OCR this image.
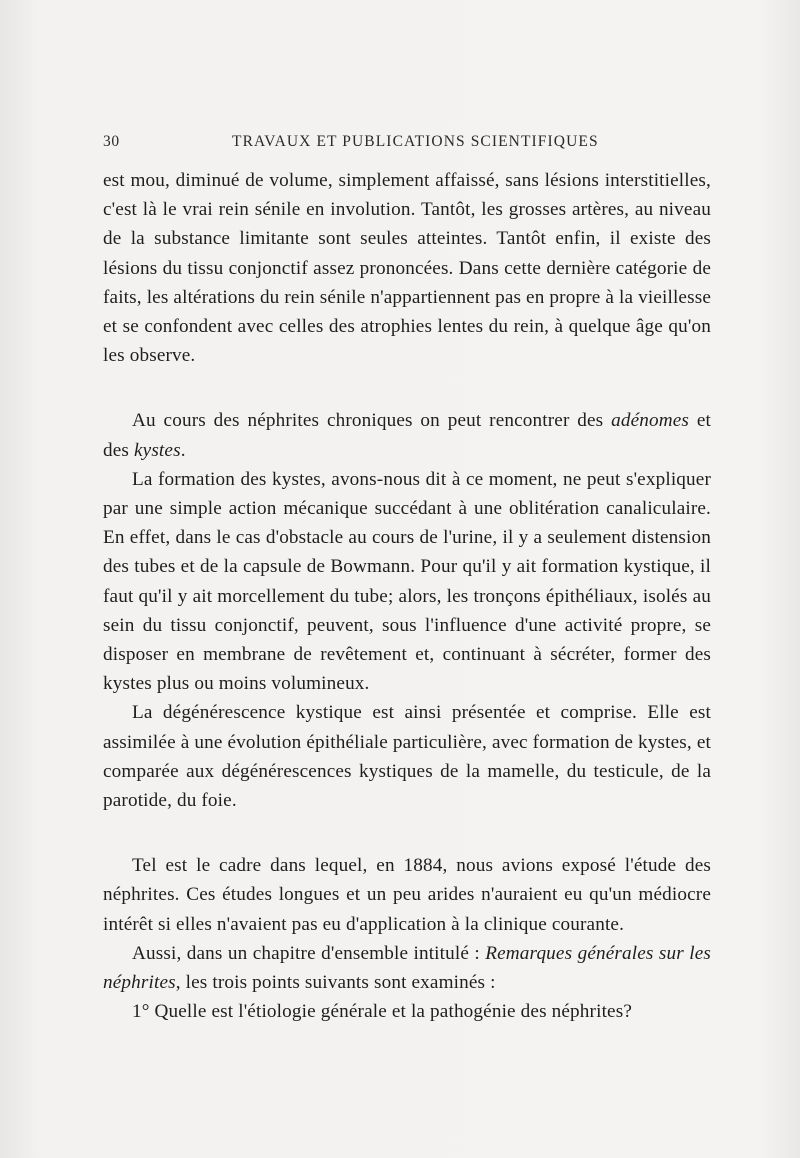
30	TRAVAUX ET PUBLICATIONS SCIENTIFIQUES

est mou, diminué de volume, simplement affaissé, sans lésions interstitielles, c'est là le vrai rein sénile en involution. Tantôt, les grosses artères, au niveau de la substance limitante sont seules atteintes. Tantôt enfin, il existe des lésions du tissu conjonctif assez prononcées. Dans cette dernière catégorie de faits, les altérations du rein sénile n'appartiennent pas en propre à la vieillesse et se confondent avec celles des atrophies lentes du rein, à quelque âge qu'on les observe.

Au cours des néphrites chroniques on peut rencontrer des adénomes et des kystes.

La formation des kystes, avons-nous dit à ce moment, ne peut s'expliquer par une simple action mécanique succédant à une oblitération canaliculaire. En effet, dans le cas d'obstacle au cours de l'urine, il y a seulement distension des tubes et de la capsule de Bowmann. Pour qu'il y ait formation kystique, il faut qu'il y ait morcellement du tube; alors, les tronçons épithéliaux, isolés au sein du tissu conjonctif, peuvent, sous l'influence d'une activité propre, se disposer en membrane de revêtement et, continuant à sécréter, former des kystes plus ou moins volumineux.

La dégénérescence kystique est ainsi présentée et comprise. Elle est assimilée à une évolution épithéliale particulière, avec formation de kystes, et comparée aux dégénérescences kystiques de la mamelle, du testicule, de la parotide, du foie.

Tel est le cadre dans lequel, en 1884, nous avions exposé l'étude des néphrites. Ces études longues et un peu arides n'auraient eu qu'un médiocre intérêt si elles n'avaient pas eu d'application à la clinique courante.

Aussi, dans un chapitre d'ensemble intitulé : Remarques générales sur les néphrites, les trois points suivants sont examinés :

1° Quelle est l'étiologie générale et la pathogénie des néphrites?
